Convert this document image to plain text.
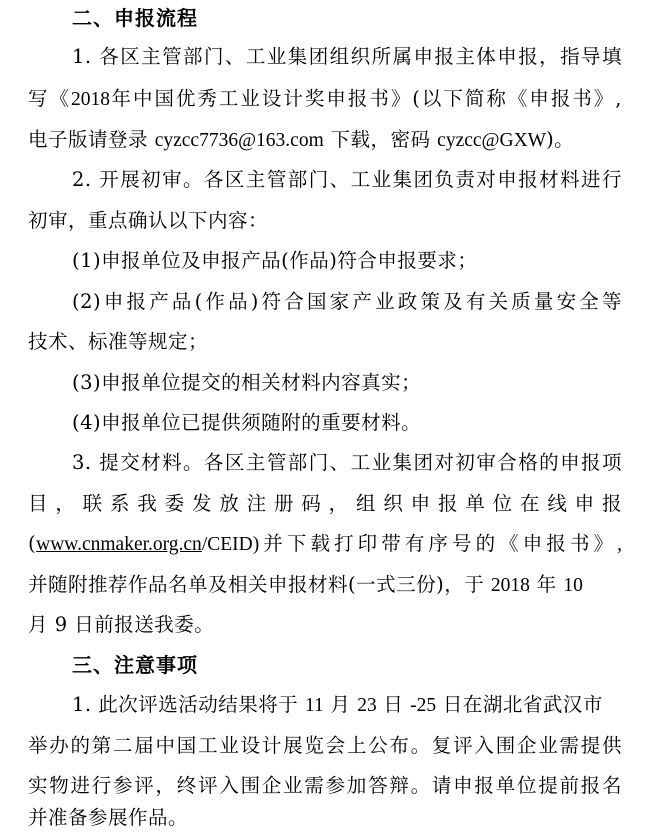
二、申报流程
1. 各区主管部门、工业集团组织所属申报主体申报，指导填
写《2018年中国优秀工业设计奖申报书》(以下简称《申报书》,
电子版请登录 cyzcc7736@163.com 下载，密码 cyzcc@GXW)。
2. 开展初审。各区主管部门、工业集团负责对申报材料进行
初审，重点确认以下内容：
(1)申报单位及申报产品(作品)符合申报要求；
(2)申报产品(作品)符合国家产业政策及有关质量安全等
技术、标准等规定；
(3)申报单位提交的相关材料内容真实；
(4)申报单位已提供须随附的重要材料。
3. 提交材料。各区主管部门、工业集团对初审合格的申报项
目，联系我委发放注册码，组织申报单位在线申报
(www.cnmaker.org.cn/CEID)并下载打印带有序号的《申报书》,
并随附推荐作品名单及相关申报材料(一式三份)，于 2018 年 10
月 9 日前报送我委。
三、注意事项
1. 此次评选活动结果将于 11 月 23 日 -25 日在湖北省武汉市
举办的第二届中国工业设计展览会上公布。复评入围企业需提供
实物进行参评，终评入围企业需参加答辩。请申报单位提前报名
并准备参展作品。
